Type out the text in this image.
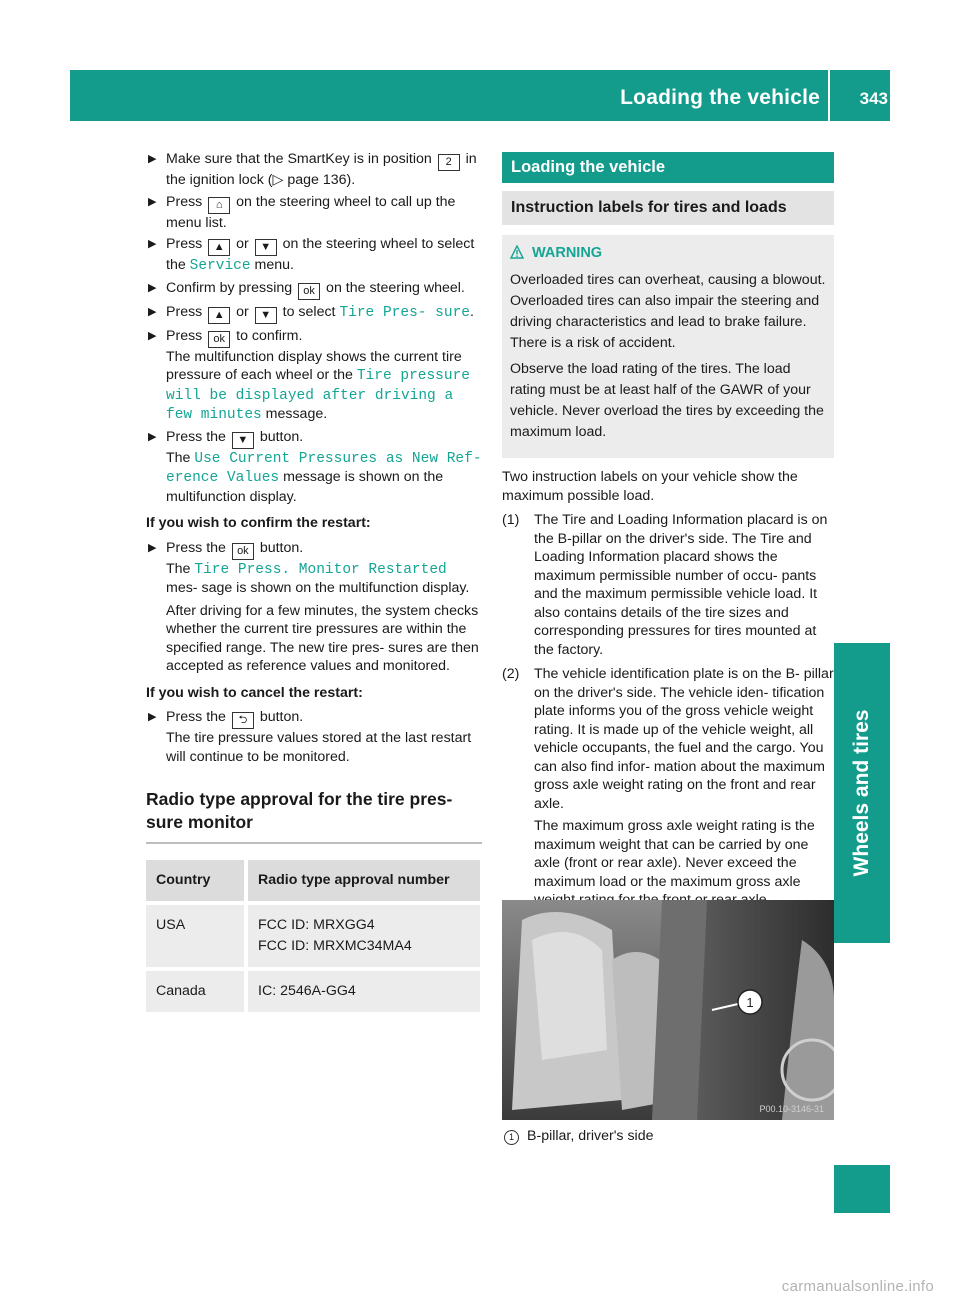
Loading the vehicle 343
Wheels and tires
▶ Make sure that the SmartKey is in position 2 in the ignition lock (▷ page 136).

▶ Press ⌂ on the steering wheel to call up the menu list.

▶ Press ▲ or ▼ on the steering wheel to select the Service menu.

▶ Confirm by pressing ok on the steering wheel.

▶ Press ▲ or ▼ to select Tire Pres‑ sure.

▶ Press ok to confirm.
The multifunction display shows the current tire pressure of each wheel or the Tire pressure will be displayed after driving a few minutes message.

▶ Press the ▼ button.
The Use Current Pressures as New Ref‑ erence Values message is shown on the multifunction display.

If you wish to confirm the restart:
▶ Press the ok button.
The Tire Press. Monitor Restarted mes- sage is shown on the multifunction display.

After driving for a few minutes, the system checks whether the current tire pressures are within the specified range. The new tire pres- sures are then accepted as reference values and monitored.

If you wish to cancel the restart:
▶ Press the ⮌ button.
The tire pressure values stored at the last restart will continue to be monitored.

Radio type approval for the tire pres- sure monitor
Country	Radio type approval number
USA	FCC ID: MRXGG4
FCC ID: MRXMC34MA4

Canada	IC: 2546A-GG4
Loading the vehicle
Instruction labels for tires and loads
WARNING

Overloaded tires can overheat, causing a blowout. Overloaded tires can also impair the steering and driving characteristics and lead to brake failure. There is a risk of accident.

Observe the load rating of the tires. The load rating must be at least half of the GAWR of your vehicle. Never overload the tires by exceeding the maximum load.

Two instruction labels on your vehicle show the maximum possible load.

(1) The Tire and Loading Information placard is on the B-pillar on the driver's side. The Tire and Loading Information placard shows the maximum permissible number of occu- pants and the maximum permissible vehicle load. It also contains details of the tire sizes and corresponding pressures for tires mounted at the factory.

(2) The vehicle identification plate is on the B- pillar on the driver's side. The vehicle iden- tification plate informs you of the gross vehicle weight rating. It is made up of the vehicle weight, all vehicle occupants, the fuel and the cargo. You can also find infor- mation about the maximum gross axle weight rating on the front and rear axle.

The maximum gross axle weight rating is the maximum weight that can be carried by one axle (front or rear axle). Never exceed the maximum load or the maximum gross axle

1
P00.10-3146-31
1 B-pillar, driver's side
carmanualsonline.info
